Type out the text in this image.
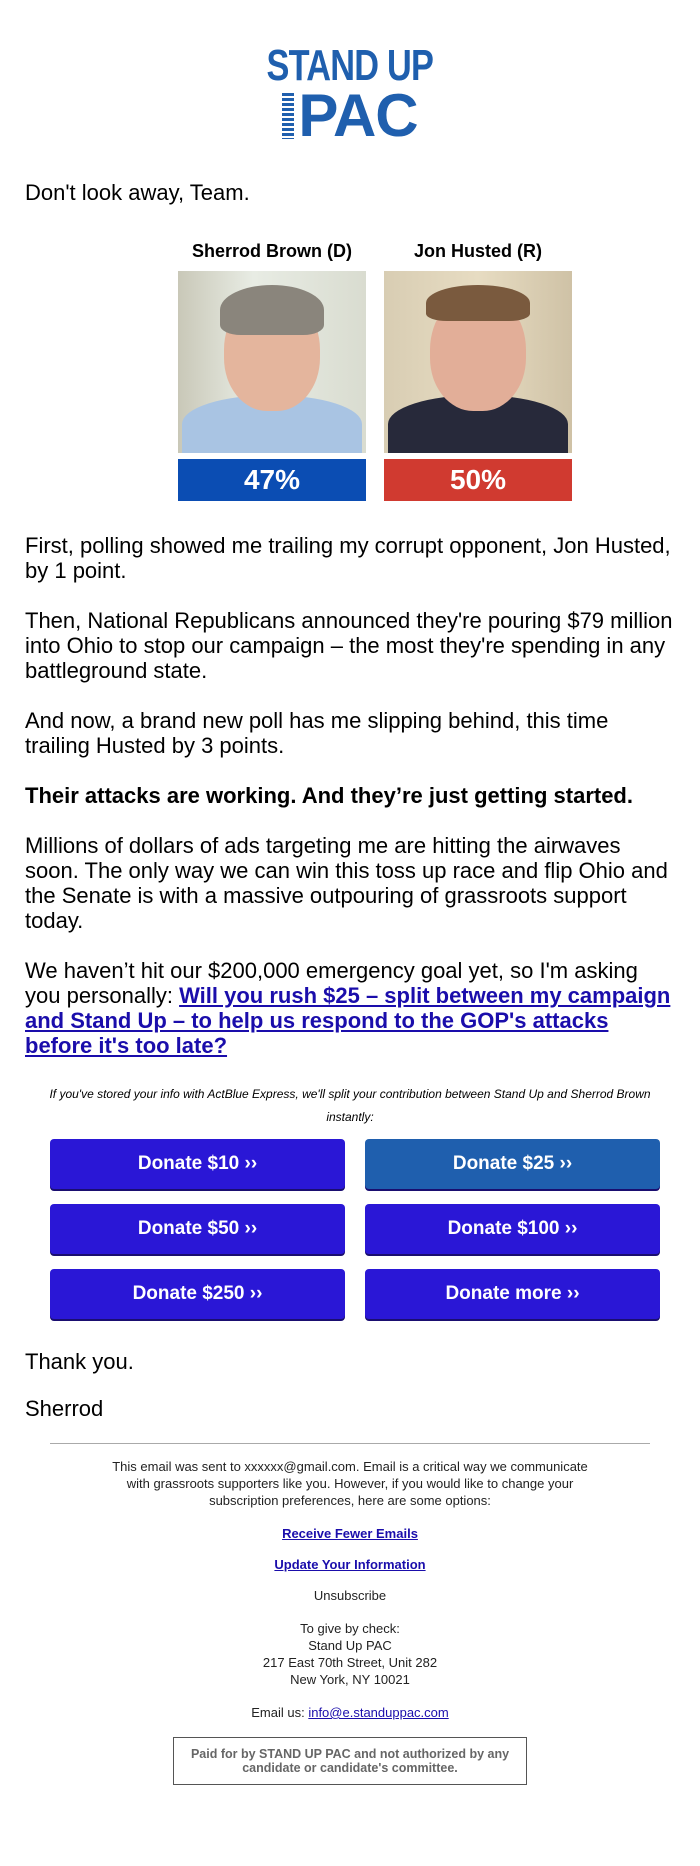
STAND UP
PAC
Don't look away, Team.
Sherrod Brown (D)
47%
Jon Husted (R)
50%

First, polling showed me trailing my corrupt opponent, Jon Husted, by 1 point.

Then, National Republicans announced they're pouring $79 million into Ohio to stop our campaign – the most they're spending in any battleground state.

And now, a brand new poll has me slipping behind, this time trailing Husted by 3 points.

Their attacks are working. And they’re just getting started.

Millions of dollars of ads targeting me are hitting the airwaves soon. The only way we can win this toss up race and flip Ohio and the Senate is with a massive outpouring of grassroots support today.

We haven’t hit our $200,000 emergency goal yet, so I'm asking you personally: Will you rush $25 – split between my campaign and Stand Up – to help us respond to the GOP's attacks before it's too late?

If you've stored your info with ActBlue Express, we'll split your contribution between Stand Up and Sherrod Brown instantly:
Donate $10 ››	Donate $25 ››
Donate $50 ››	Donate $100 ››
Donate $250 ››	Donate more ››
Thank you.
Sherrod
This email was sent to xxxxxx@gmail.com. Email is a critical way we communicate with grassroots supporters like you. However, if you would like to change your subscription preferences, here are some options:
Receive Fewer Emails
Update Your Information
Unsubscribe
To give by check:
Stand Up PAC
217 East 70th Street, Unit 282
New York, NY 10021
Email us: info@e.standuppac.com
Paid for by STAND UP PAC and not authorized by any candidate or candidate's committee.
